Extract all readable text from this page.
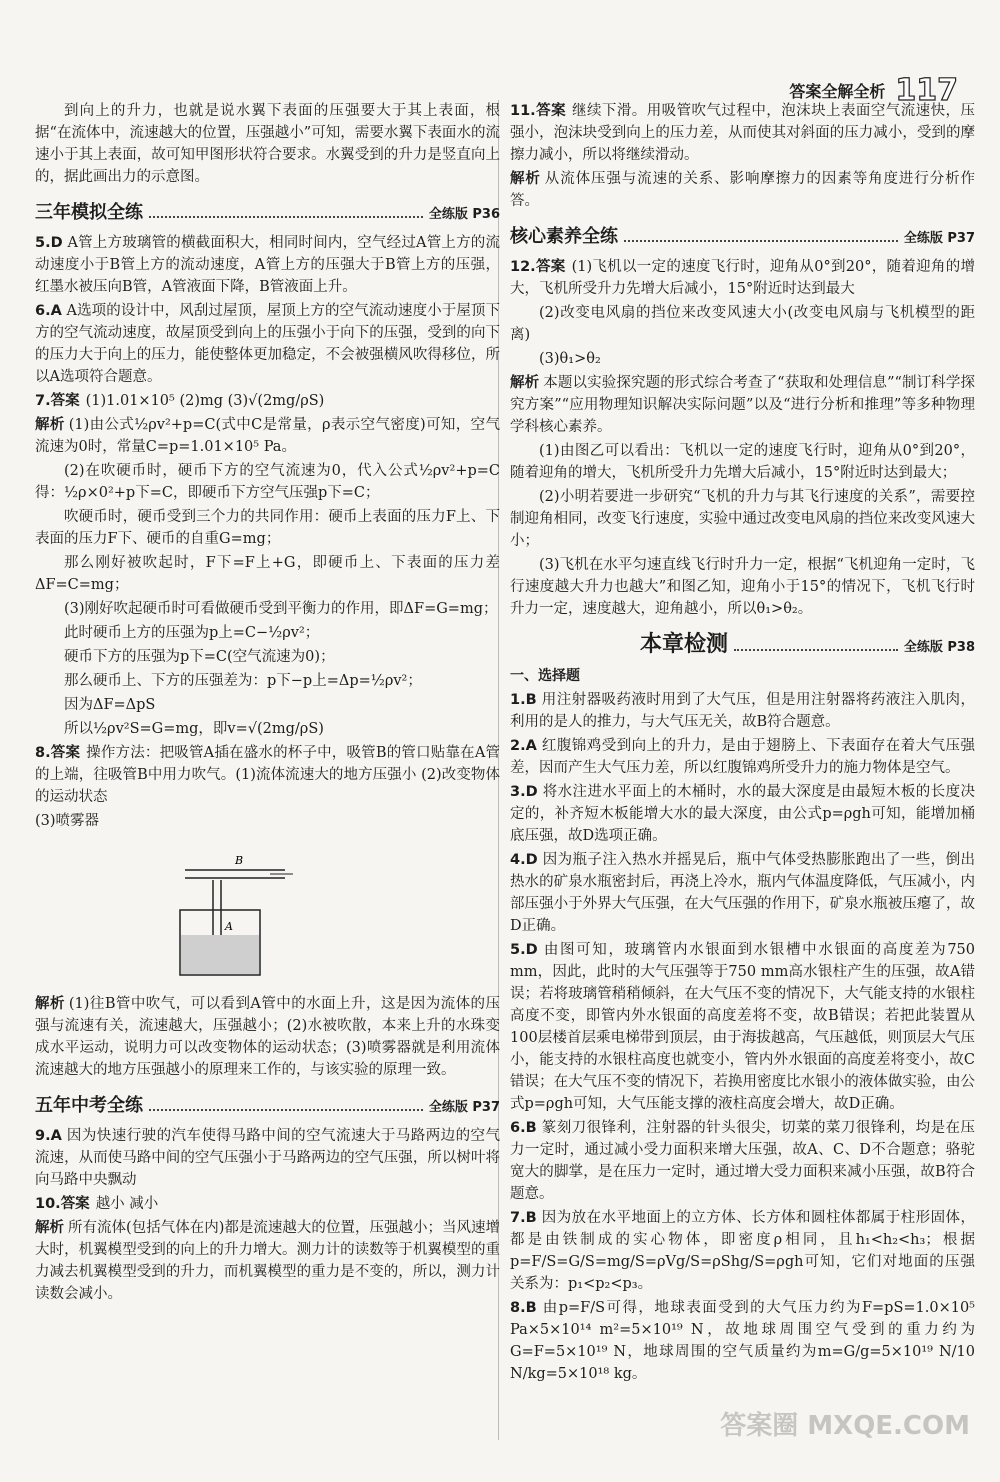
答案全解全析 117

到向上的升力，也就是说水翼下表面的压强要大于其上表面，根据“在流体中，流速越大的位置，压强越小”可知，需要水翼下表面水的流速小于其上表面，故可知甲图形状符合要求。水翼受到的升力是竖直向上的，据此画出力的示意图。

三年模拟全练	全练版 P36

5.D A管上方玻璃管的横截面积大，相同时间内，空气经过A管上方的流动速度小于B管上方的流动速度，A管上方的压强大于B管上方的压强，红墨水被压向B管，A管液面下降，B管液面上升。

6.A A选项的设计中，风刮过屋顶，屋顶上方的空气流动速度小于屋顶下方的空气流动速度，故屋顶受到向上的压强小于向下的压强，受到的向下的压力大于向上的压力，能使整体更加稳定，不会被强横风吹得移位，所以A选项符合题意。

7.答案 (1)1.01×10⁵ (2)mg (3)√(2mg/ρS)

解析 (1)由公式½ρv²+p=C(式中C是常量，ρ表示空气密度)可知，空气流速为0时，常量C=p=1.01×10⁵ Pa。

(2)在吹硬币时，硬币下方的空气流速为0，代入公式½ρv²+p=C得：½ρ×0²+p下=C，即硬币下方空气压强p下=C；

吹硬币时，硬币受到三个力的共同作用：硬币上表面的压力F上、下表面的压力F下、硬币的自重G=mg；

那么刚好被吹起时，F下=F上+G，即硬币上、下表面的压力差ΔF=C=mg；

(3)刚好吹起硬币时可看做硬币受到平衡力的作用，即ΔF=G=mg；

此时硬币上方的压强为p上=C−½ρv²；

硬币下方的压强为p下=C(空气流速为0)；

那么硬币上、下方的压强差为：p下−p上=Δp=½ρv²；

因为ΔF=ΔpS

所以½ρv²S=G=mg，即v=√(2mg/ρS)

8.答案 操作方法：把吸管A插在盛水的杯子中，吸管B的管口贴靠在A管的上端，往吸管B中用力吹气。(1)流体流速大的地方压强小 (2)改变物体的运动状态

(3)喷雾器

B
A

解析 (1)往B管中吹气，可以看到A管中的水面上升，这是因为流体的压强与流速有关，流速越大，压强越小；(2)水被吹散，本来上升的水珠变成水平运动，说明力可以改变物体的运动状态；(3)喷雾器就是利用流体流速越大的地方压强越小的原理来工作的，与该实验的原理一致。

五年中考全练	全练版 P37

9.A 因为快速行驶的汽车使得马路中间的空气流速大于马路两边的空气流速，从而使马路中间的空气压强小于马路两边的空气压强，所以树叶将向马路中央飘动

10.答案 越小 减小

解析 所有流体(包括气体在内)都是流速越大的位置，压强越小；当风速增大时，机翼模型受到的向上的升力增大。测力计的读数等于机翼模型的重力减去机翼模型受到的升力，而机翼模型的重力是不变的，所以，测力计读数会减小。

11.答案 继续下滑。用吸管吹气过程中，泡沫块上表面空气流速快，压强小，泡沫块受到向上的压力差，从而使其对斜面的压力减小，受到的摩擦力减小，所以将继续滑动。

解析 从流体压强与流速的关系、影响摩擦力的因素等角度进行分析作答。

核心素养全练	全练版 P37

12.答案 (1)飞机以一定的速度飞行时，迎角从0°到20°，随着迎角的增大，飞机所受升力先增大后减小，15°附近时达到最大

(2)改变电风扇的挡位来改变风速大小(改变电风扇与飞机模型的距离)

(3)θ₁>θ₂

解析 本题以实验探究题的形式综合考查了“获取和处理信息”“制订科学探究方案”“应用物理知识解决实际问题”以及“进行分析和推理”等多种物理学科核心素养。

(1)由图乙可以看出：飞机以一定的速度飞行时，迎角从0°到20°，随着迎角的增大，飞机所受升力先增大后减小，15°附近时达到最大；

(2)小明若要进一步研究“飞机的升力与其飞行速度的关系”，需要控制迎角相同，改变飞行速度，实验中通过改变电风扇的挡位来改变风速大小；

(3)飞机在水平匀速直线飞行时升力一定，根据“飞机迎角一定时，飞行速度越大升力也越大”和图乙知，迎角小于15°的情况下，飞机飞行时升力一定，速度越大，迎角越小，所以θ₁>θ₂。

本章检测	全练版 P38
一、选择题

1.B 用注射器吸药液时用到了大气压，但是用注射器将药液注入肌肉，利用的是人的推力，与大气压无关，故B符合题意。

2.A 红腹锦鸡受到向上的升力，是由于翅膀上、下表面存在着大气压强差，因而产生大气压力差，所以红腹锦鸡所受升力的施力物体是空气。

3.D 将水注进水平面上的木桶时，水的最大深度是由最短木板的长度决定的，补齐短木板能增大水的最大深度，由公式p=ρgh可知，能增加桶底压强，故D选项正确。

4.D 因为瓶子注入热水并摇晃后，瓶中气体受热膨胀跑出了一些，倒出热水的矿泉水瓶密封后，再浇上冷水，瓶内气体温度降低，气压减小，内部压强小于外界大气压强，在大气压强的作用下，矿泉水瓶被压瘪了，故D正确。

5.D 由图可知，玻璃管内水银面到水银槽中水银面的高度差为750 mm，因此，此时的大气压强等于750 mm高水银柱产生的压强，故A错误；若将玻璃管稍稍倾斜，在大气压不变的情况下，大气能支持的水银柱高度不变，即管内外水银面的高度差将不变，故B错误；若把此装置从100层楼首层乘电梯带到顶层，由于海拔越高，气压越低，则顶层大气压小，能支持的水银柱高度也就变小，管内外水银面的高度差将变小，故C错误；在大气压不变的情况下，若换用密度比水银小的液体做实验，由公式p=ρgh可知，大气压能支撑的液柱高度会增大，故D正确。

6.B 篆刻刀很锋利，注射器的针头很尖，切菜的菜刀很锋利，均是在压力一定时，通过减小受力面积来增大压强，故A、C、D不合题意；骆驼宽大的脚掌，是在压力一定时，通过增大受力面积来减小压强，故B符合题意。

7.B 因为放在水平地面上的立方体、长方体和圆柱体都属于柱形固体，都是由铁制成的实心物体，即密度ρ相同，且h₁<h₂<h₃；根据p=F/S=G/S=mg/S=ρVg/S=ρShg/S=ρgh可知，它们对地面的压强关系为：p₁<p₂<p₃。

8.B 由p=F/S可得，地球表面受到的大气压力约为F=pS=1.0×10⁵ Pa×5×10¹⁴ m²=5×10¹⁹ N，故地球周围空气受到的重力约为G=F=5×10¹⁹ N，地球周围的空气质量约为m=G/g=5×10¹⁹ N/10 N/kg=5×10¹⁸ kg。

答案圈 MXQE.COM
